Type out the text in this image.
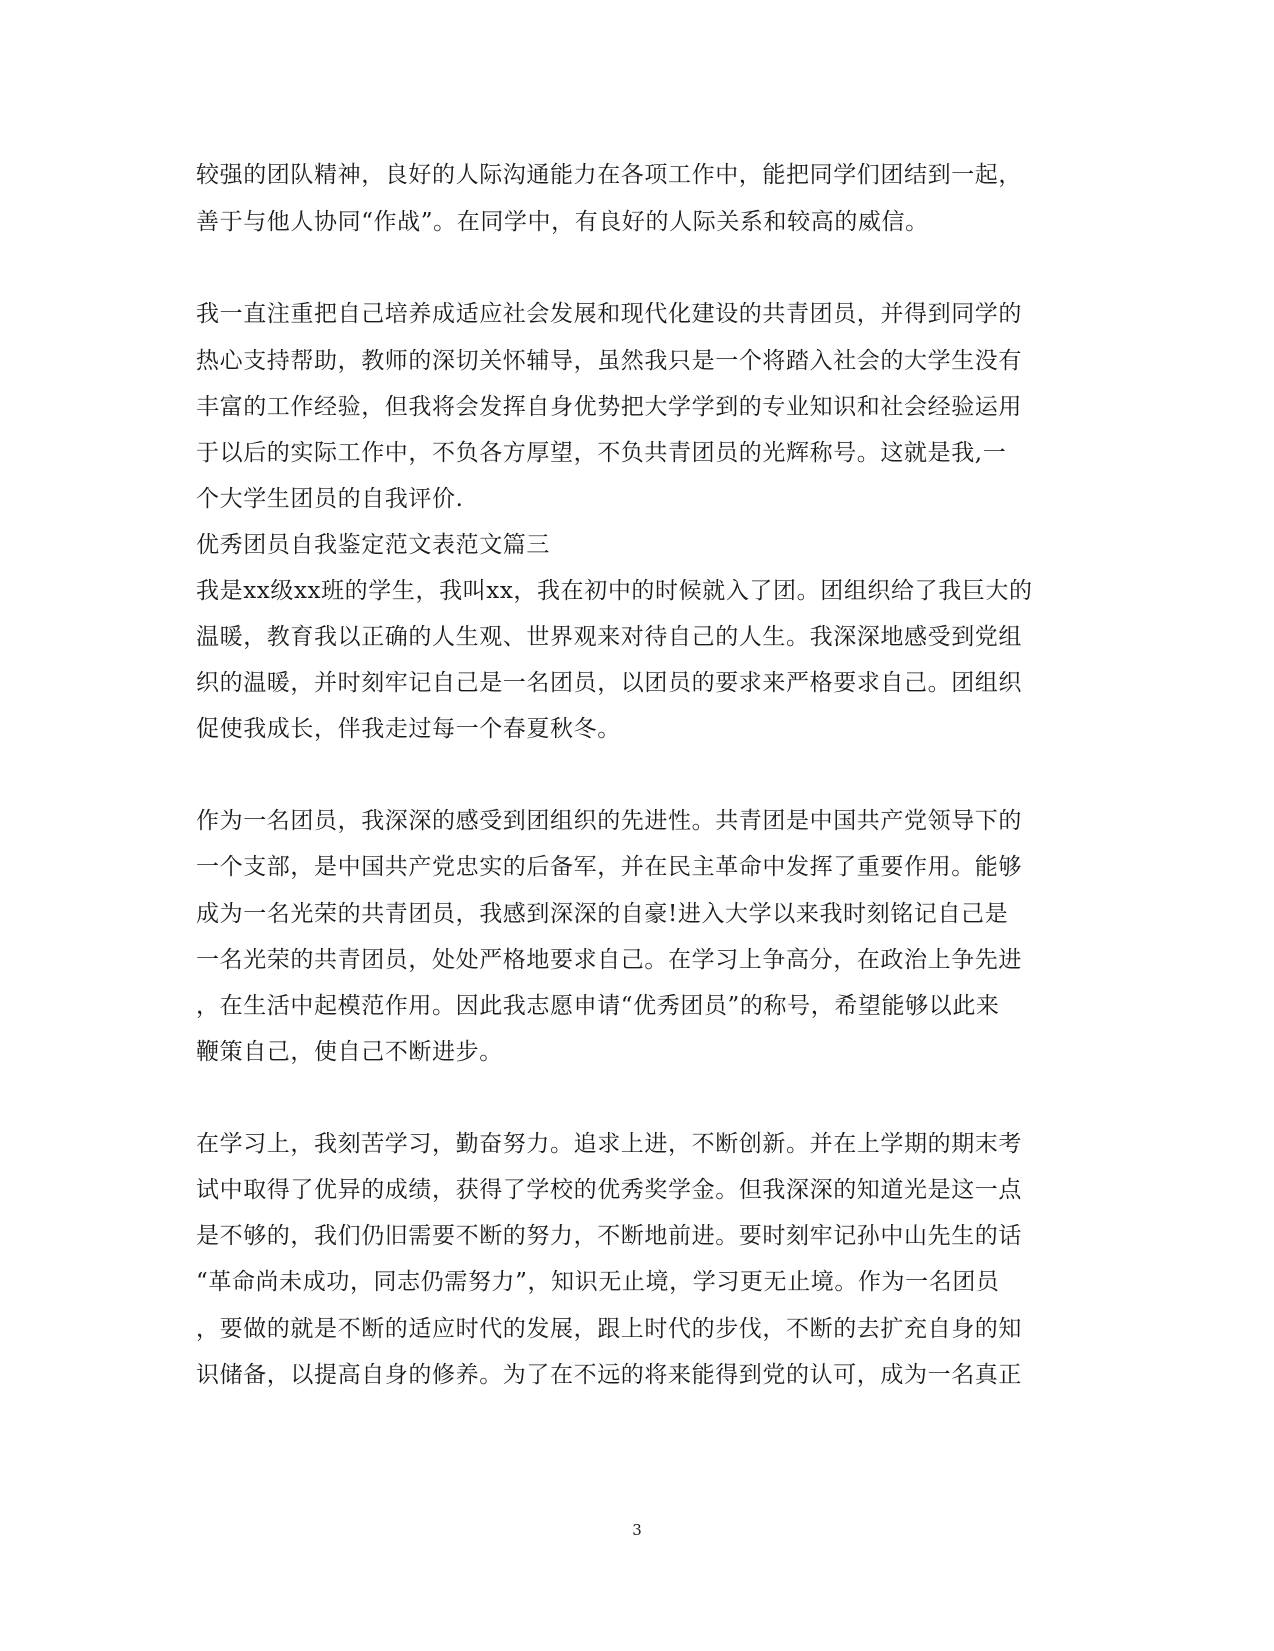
较强的团队精神，良好的人际沟通能力在各项工作中，能把同学们团结到一起，
善于与他人协同“作战”。在同学中，有良好的人际关系和较高的威信。
我一直注重把自己培养成适应社会发展和现代化建设的共青团员，并得到同学的
热心支持帮助，教师的深切关怀辅导，虽然我只是一个将踏入社会的大学生没有
丰富的工作经验，但我将会发挥自身优势把大学学到的专业知识和社会经验运用
于以后的实际工作中，不负各方厚望，不负共青团员的光辉称号。这就是我,一
个大学生团员的自我评价.
优秀团员自我鉴定范文表范文篇三
我是xx级xx班的学生，我叫xx，我在初中的时候就入了团。团组织给了我巨大的
温暖，教育我以正确的人生观、世界观来对待自己的人生。我深深地感受到党组
织的温暖，并时刻牢记自己是一名团员，以团员的要求来严格要求自己。团组织
促使我成长，伴我走过每一个春夏秋冬。
作为一名团员，我深深的感受到团组织的先进性。共青团是中国共产党领导下的
一个支部，是中国共产党忠实的后备军，并在民主革命中发挥了重要作用。能够
成为一名光荣的共青团员，我感到深深的自豪!进入大学以来我时刻铭记自己是
一名光荣的共青团员，处处严格地要求自己。在学习上争高分，在政治上争先进
，在生活中起模范作用。因此我志愿申请“优秀团员”的称号，希望能够以此来
鞭策自己，使自己不断进步。
在学习上，我刻苦学习，勤奋努力。追求上进，不断创新。并在上学期的期末考
试中取得了优异的成绩，获得了学校的优秀奖学金。但我深深的知道光是这一点
是不够的，我们仍旧需要不断的努力，不断地前进。要时刻牢记孙中山先生的话
“革命尚未成功，同志仍需努力”，知识无止境，学习更无止境。作为一名团员
，要做的就是不断的适应时代的发展，跟上时代的步伐，不断的去扩充自身的知
识储备，以提高自身的修养。为了在不远的将来能得到党的认可，成为一名真正
3
